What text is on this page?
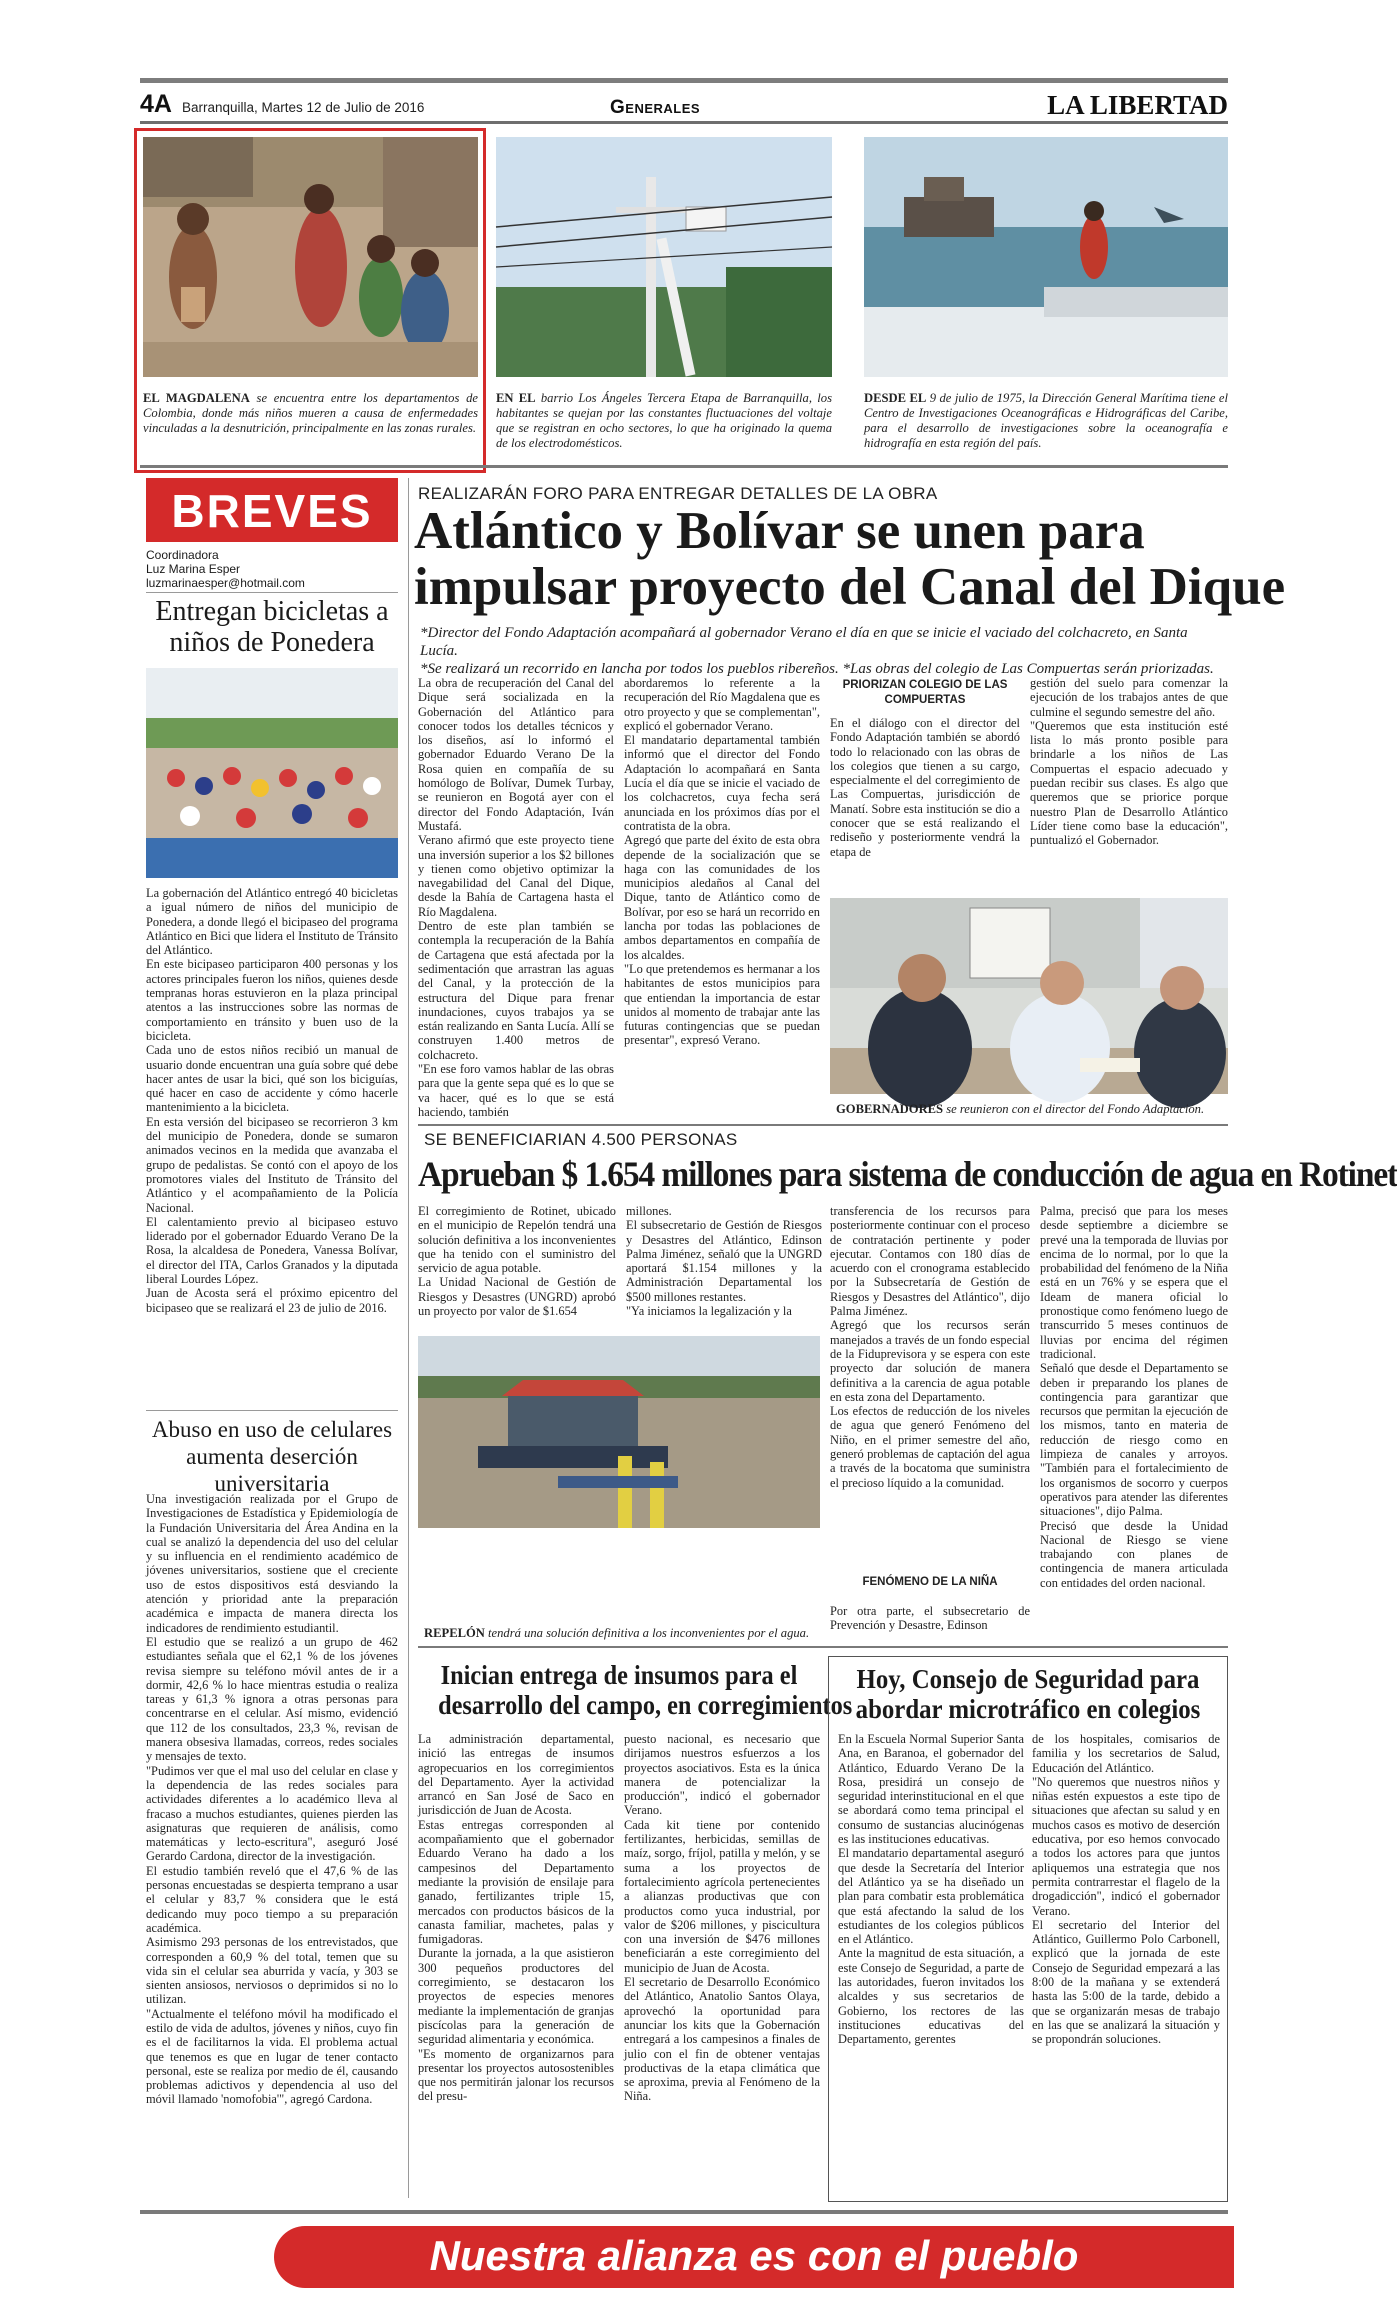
4A Barranquilla, Martes 12 de Julio de 2016	Generales	LA LIBERTAD
EL MAGDALENA se encuentra entre los departamentos de Colombia, donde más niños mueren a causa de enfermedades vinculadas a la desnutrición, principalmente en las zonas rurales.
EN EL barrio Los Ángeles Tercera Etapa de Barranquilla, los habitantes se quejan por las constantes fluctuaciones del voltaje que se registran en ocho sectores, lo que ha originado la quema de los electrodomésticos.
DESDE EL 9 de julio de 1975, la Dirección General Marítima tiene el Centro de Investigaciones Oceanográficas e Hidrográficas del Caribe, para el desarrollo de investigaciones sobre la oceanografía e hidrografía en esta región del país.
BREVES
Coordinadora
Luz Marina Esper
luzmarinaesper@hotmail.com
Entregan bicicletas a niños de Ponedera
La gobernación del Atlántico entregó 40 bicicletas a igual número de niños del municipio de Ponedera, a donde llegó el bicipaseo del programa Atlántico en Bici que lidera el Instituto de Tránsito del Atlántico.
En este bicipaseo participaron 400 personas y los actores principales fueron los niños, quienes desde tempranas horas estuvieron en la plaza principal atentos a las instrucciones sobre las normas de comportamiento en tránsito y buen uso de la bicicleta.
Cada uno de estos niños recibió un manual de usuario donde encuentran una guía sobre qué debe hacer antes de usar la bici, qué son los biciguías, qué hacer en caso de accidente y cómo hacerle mantenimiento a la bicicleta.
En esta versión del bicipaseo se recorrieron 3 km del municipio de Ponedera, donde se sumaron animados vecinos en la medida que avanzaba el grupo de pedalistas. Se contó con el apoyo de los promotores viales del Instituto de Tránsito del Atlántico y el acompañamiento de la Policía Nacional.
El calentamiento previo al bicipaseo estuvo liderado por el gobernador Eduardo Verano De la Rosa, la alcaldesa de Ponedera, Vanessa Bolívar, el director del ITA, Carlos Granados y la diputada liberal Lourdes López.
Juan de Acosta será el próximo epicentro del bicipaseo que se realizará el 23 de julio de 2016.
Abuso en uso de celulares aumenta deserción universitaria
Una investigación realizada por el Grupo de Investigaciones de Estadística y Epidemiología de la Fundación Universitaria del Área Andina en la cual se analizó la dependencia del uso del celular y su influencia en el rendimiento académico de jóvenes universitarios, sostiene que el creciente uso de estos dispositivos está desviando la atención y prioridad ante la preparación académica e impacta de manera directa los indicadores de rendimiento estudiantil.
El estudio que se realizó a un grupo de 462 estudiantes señala que el 62,1 % de los jóvenes revisa siempre su teléfono móvil antes de ir a dormir, 42,6 % lo hace mientras estudia o realiza tareas y 61,3 % ignora a otras personas para concentrarse en el celular. Así mismo, evidenció que 112 de los consultados, 23,3 %, revisan de manera obsesiva llamadas, correos, redes sociales y mensajes de texto.
"Pudimos ver que el mal uso del celular en clase y la dependencia de las redes sociales para actividades diferentes a lo académico lleva al fracaso a muchos estudiantes, quienes pierden las asignaturas que requieren de análisis, como matemáticas y lecto-escritura", aseguró José Gerardo Cardona, director de la investigación.
El estudio también reveló que el 47,6 % de las personas encuestadas se despierta temprano a usar el celular y 83,7 % considera que le está dedicando muy poco tiempo a su preparación académica.
Asimismo 293 personas de los entrevistados, que corresponden a 60,9 % del total, temen que su vida sin el celular sea aburrida y vacía, y 303 se sienten ansiosos, nerviosos o deprimidos si no lo utilizan.
"Actualmente el teléfono móvil ha modificado el estilo de vida de adultos, jóvenes y niños, cuyo fin es el de facilitarnos la vida. El problema actual que tenemos es que en lugar de tener contacto personal, este se realiza por medio de él, causando problemas adictivos y dependencia al uso del móvil llamado 'nomofobia'", agregó Cardona.
REALIZARÁN FORO PARA ENTREGAR DETALLES DE LA OBRA
Atlántico y Bolívar se unen para
impulsar proyecto del Canal del Dique
*Director del Fondo Adaptación acompañará al gobernador Verano el día en que se inicie el vaciado del colchacreto, en Santa Lucía.
*Se realizará un recorrido en lancha por todos los pueblos ribereños. *Las obras del colegio de Las Compuertas serán priorizadas.
La obra de recuperación del Canal del Dique será socializada en la Gobernación del Atlántico para conocer todos los detalles técnicos y los diseños, así lo informó el gobernador Eduardo Verano De la Rosa quien en compañía de su homólogo de Bolívar, Dumek Turbay, se reunieron en Bogotá ayer con el director del Fondo Adaptación, Iván Mustafá.
Verano afirmó que este proyecto tiene una inversión superior a los $2 billones y tienen como objetivo optimizar la navegabilidad del Canal del Dique, desde la Bahía de Cartagena hasta el Río Magdalena.
Dentro de este plan también se contempla la recuperación de la Bahía de Cartagena que está afectada por la sedimentación que arrastran las aguas del Canal, y la protección de la estructura del Dique para frenar inundaciones, cuyos trabajos ya se están realizando en Santa Lucía. Allí se construyen 1.400 metros de colchacreto.
"En ese foro vamos hablar de las obras para que la gente sepa qué es lo que se va hacer, qué es lo que se está haciendo, también
abordaremos lo referente a la recuperación del Río Magdalena que es otro proyecto y que se complementan", explicó el gobernador Verano.
El mandatario departamental también informó que el director del Fondo Adaptación lo acompañará en Santa Lucía el día que se inicie el vaciado de los colchacretos, cuya fecha será anunciada en los próximos días por el contratista de la obra.
Agregó que parte del éxito de esta obra depende de la socialización que se haga con las comunidades de los municipios aledaños al Canal del Dique, tanto de Atlántico como de Bolívar, por eso se hará un recorrido en lancha por todas las poblaciones de ambos departamentos en compañía de los alcaldes.
"Lo que pretendemos es hermanar a los habitantes de estos municipios para que entiendan la importancia de estar unidos al momento de trabajar ante las futuras contingencias que se puedan presentar", expresó Verano.
PRIORIZAN COLEGIO DE LAS COMPUERTAS
En el diálogo con el director del Fondo Adaptación también se abordó todo lo relacionado con las obras de los colegios que tienen a su cargo, especialmente el del corregimiento de Las Compuertas, jurisdicción de Manatí. Sobre esta institución se dio a conocer que se está realizando el rediseño y posteriormente vendrá la etapa de
gestión del suelo para comenzar la ejecución de los trabajos antes de que culmine el segundo semestre del año.
"Queremos que esta institución esté lista lo más pronto posible para brindarle a los niños de Las Compuertas el espacio adecuado y puedan recibir sus clases. Es algo que queremos que se priorice porque nuestro Plan de Desarrollo Atlántico Líder tiene como base la educación", puntualizó el Gobernador.
GOBERNADORES se reunieron con el director del Fondo Adaptación.
SE BENEFICIARIAN 4.500 PERSONAS
Aprueban $ 1.654 millones para sistema de conducción de agua en Rotinet
El corregimiento de Rotinet, ubicado en el municipio de Repelón tendrá una solución definitiva a los inconvenientes que ha tenido con el suministro del servicio de agua potable.
La Unidad Nacional de Gestión de Riesgos y Desastres (UNGRD) aprobó un proyecto por valor de $1.654
millones.
El subsecretario de Gestión de Riesgos y Desastres del Atlántico, Edinson Palma Jiménez, señaló que la UNGRD aportará $1.154 millones y la Administración Departamental los $500 millones restantes.
"Ya iniciamos la legalización y la
REPELÓN tendrá una solución definitiva a los inconvenientes por el agua.
transferencia de los recursos para posteriormente continuar con el proceso de contratación pertinente y poder ejecutar. Contamos con 180 días de acuerdo con el cronograma establecido por la Subsecretaría de Gestión de Riesgos y Desastres del Atlántico", dijo Palma Jiménez.
Agregó que los recursos serán manejados a través de un fondo especial de la Fiduprevisora y se espera con este proyecto dar solución de manera definitiva a la carencia de agua potable en esta zona del Departamento.
Los efectos de reducción de los niveles de agua que generó Fenómeno del Niño, en el primer semestre del año, generó problemas de captación del agua a través de la bocatoma que suministra el precioso líquido a la comunidad.
FENÓMENO DE LA NIÑA
Por otra parte, el subsecretario de Prevención y Desastre, Edinson
Palma, precisó que para los meses desde septiembre a diciembre se prevé una la temporada de lluvias por encima de lo normal, por lo que la probabilidad del fenómeno de la Niña está en un 76% y se espera que el Ideam de manera oficial lo pronostique como fenómeno luego de transcurrido 5 meses continuos de lluvias por encima del régimen tradicional.
Señaló que desde el Departamento se deben ir preparando los planes de contingencia para garantizar que recursos que permitan la ejecución de los mismos, tanto en materia de reducción de riesgo como en limpieza de canales y arroyos. "También para el fortalecimiento de los organismos de socorro y cuerpos operativos para atender las diferentes situaciones", dijo Palma.
Precisó que desde la Unidad Nacional de Riesgo se viene trabajando con planes de contingencia de manera articulada con entidades del orden nacional.
Inician entrega de insumos para el
desarrollo del campo, en corregimientos
La administración departamental, inició las entregas de insumos agropecuarios en los corregimientos del Departamento. Ayer la actividad arrancó en San José de Saco en jurisdicción de Juan de Acosta.
Estas entregas corresponden al acompañamiento que el gobernador Eduardo Verano ha dado a los campesinos del Departamento mediante la provisión de ensilaje para ganado, fertilizantes triple 15, mercados con productos básicos de la canasta familiar, machetes, palas y fumigadoras.
Durante la jornada, a la que asistieron 300 pequeños productores del corregimiento, se destacaron los proyectos de especies menores mediante la implementación de granjas piscícolas para la generación de seguridad alimentaria y económica.
"Es momento de organizarnos para presentar los proyectos autosostenibles que nos permitirán jalonar los recursos del presu-
puesto nacional, es necesario que dirijamos nuestros esfuerzos a los proyectos asociativos. Esta es la única manera de potencializar la producción", indicó el gobernador Verano.
Cada kit tiene por contenido fertilizantes, herbicidas, semillas de maíz, sorgo, fríjol, patilla y melón, y se suma a los proyectos de fortalecimiento agrícola pertenecientes a alianzas productivas que con productos como yuca industrial, por valor de $206 millones, y piscicultura con una inversión de $476 millones beneficiarán a este corregimiento del municipio de Juan de Acosta.
El secretario de Desarrollo Económico del Atlántico, Anatolio Santos Olaya, aprovechó la oportunidad para anunciar los kits que la Gobernación entregará a los campesinos a finales de julio con el fin de obtener ventajas productivas de la etapa climática que se aproxima, previa al Fenómeno de la Niña.
Hoy, Consejo de Seguridad para
abordar microtráfico en colegios
En la Escuela Normal Superior Santa Ana, en Baranoa, el gobernador del Atlántico, Eduardo Verano De la Rosa, presidirá un consejo de seguridad interinstitucional en el que se abordará como tema principal el consumo de sustancias alucinógenas es las instituciones educativas.
El mandatario departamental aseguró que desde la Secretaría del Interior del Atlántico ya se ha diseñado un plan para combatir esta problemática que está afectando la salud de los estudiantes de los colegios públicos en el Atlántico.
Ante la magnitud de esta situación, a este Consejo de Seguridad, a parte de las autoridades, fueron invitados los alcaldes y sus secretarios de Gobierno, los rectores de las instituciones educativas del Departamento, gerentes
de los hospitales, comisarios de familia y los secretarios de Salud, Educación del Atlántico.
"No queremos que nuestros niños y niñas estén expuestos a este tipo de situaciones que afectan su salud y en muchos casos es motivo de deserción educativa, por eso hemos convocado a todos los actores para que juntos apliquemos una estrategia que nos permita contrarrestar el flagelo de la drogadicción", indicó el gobernador Verano.
El secretario del Interior del Atlántico, Guillermo Polo Carbonell, explicó que la jornada de este Consejo de Seguridad empezará a las 8:00 de la mañana y se extenderá hasta las 5:00 de la tarde, debido a que se organizarán mesas de trabajo en las que se analizará la situación y se propondrán soluciones.
Nuestra alianza es con el pueblo
